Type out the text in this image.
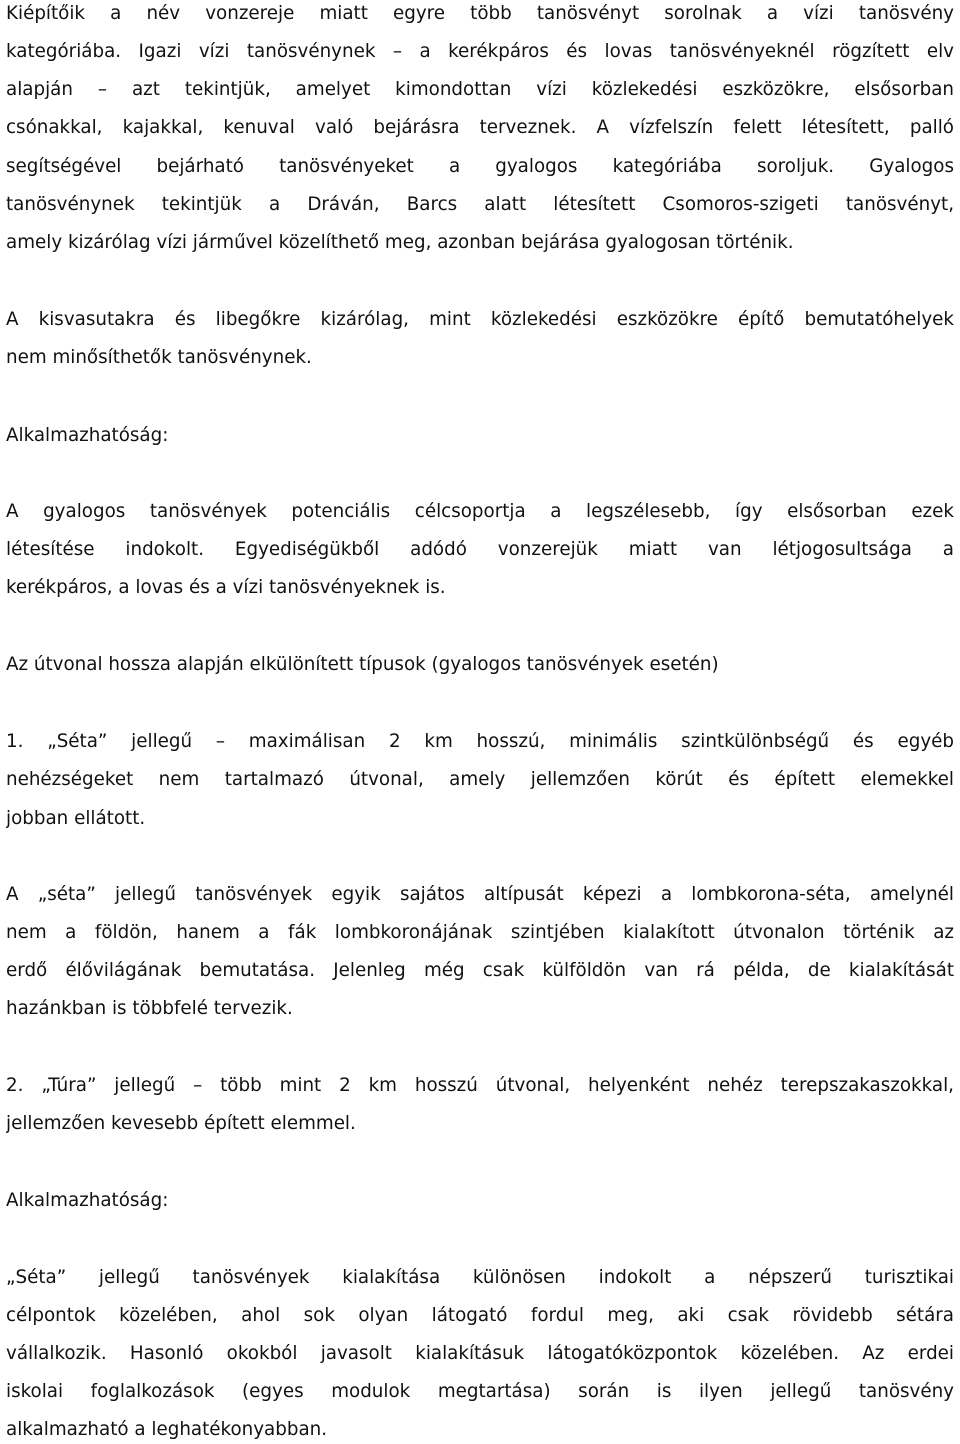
Kiépítőik a név vonzereje miatt egyre több tanösvényt sorolnak a vízi tanösvény
kategóriába. Igazi vízi tanösvénynek – a kerékpáros és lovas tanösvényeknél rögzített elv
alapján – azt tekintjük, amelyet kimondottan vízi közlekedési eszközökre, elsősorban
csónakkal, kajakkal, kenuval való bejárásra terveznek. A vízfelszín felett létesített, palló
segítségével bejárható tanösvényeket a gyalogos kategóriába soroljuk. Gyalogos
tanösvénynek tekintjük a Dráván, Barcs alatt létesített Csomoros-szigeti tanösvényt,
amely kizárólag vízi járművel közelíthető meg, azonban bejárása gyalogosan történik.
A kisvasutakra és libegőkre kizárólag, mint közlekedési eszközökre építő bemutatóhelyek
nem minősíthetők tanösvénynek.
Alkalmazhatóság:
A gyalogos tanösvények potenciális célcsoportja a legszélesebb, így elsősorban ezek
létesítése indokolt. Egyediségükből adódó vonzerejük miatt van létjogosultsága a
kerékpáros, a lovas és a vízi tanösvényeknek is.
Az útvonal hossza alapján elkülönített típusok (gyalogos tanösvények esetén)
1. „Séta” jellegű – maximálisan 2 km hosszú, minimális szintkülönbségű és egyéb
nehézségeket nem tartalmazó útvonal, amely jellemzően körút és épített elemekkel
jobban ellátott.
A „séta” jellegű tanösvények egyik sajátos altípusát képezi a lombkorona-séta, amelynél
nem a földön, hanem a fák lombkoronájának szintjében kialakított útvonalon történik az
erdő élővilágának bemutatása. Jelenleg még csak külföldön van rá példa, de kialakítását
hazánkban is többfelé tervezik.
2. „Túra” jellegű – több mint 2 km hosszú útvonal, helyenként nehéz terepszakaszokkal,
jellemzően kevesebb épített elemmel.
Alkalmazhatóság:
„Séta” jellegű tanösvények kialakítása különösen indokolt a népszerű turisztikai
célpontok közelében, ahol sok olyan látogató fordul meg, aki csak rövidebb sétára
vállalkozik. Hasonló okokból javasolt kialakításuk látogatóközpontok közelében. Az erdei
iskolai foglalkozások (egyes modulok megtartása) során is ilyen jellegű tanösvény
alkalmazható a leghatékonyabban.
